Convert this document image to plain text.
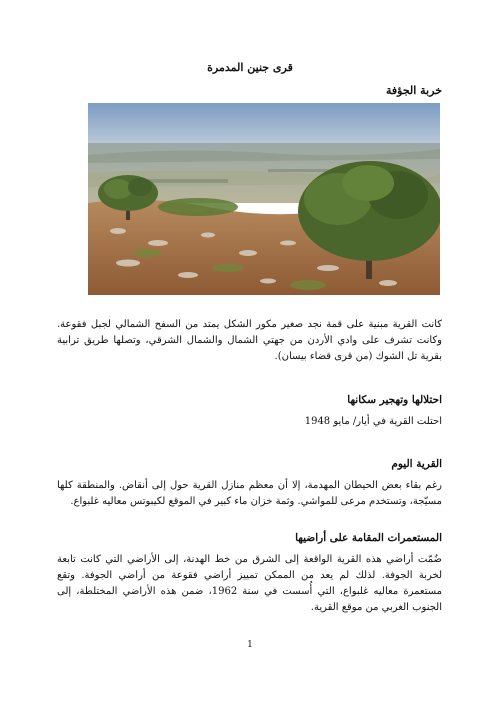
قرى جنين المدمرة
خربة الجؤفة
كانت القرية مبنية على قمة نجد صغير مكور الشكل يمتد من السفح الشمالي لجبل فقوعة. وكانت تشرف على وادي الأردن من جهتي الشمال والشمال الشرقي، وتصلها طريق ترابية بقرية تل الشوك (من قرى قضاء بيسان).
احتلالها وتهجير سكانها
احتلت القرية في أيار/ مايو 1948
القرية اليوم
رغم بقاء بعض الحيطان المهدمة، إلا أن معظم منازل القرية حول إلى أنقاض. والمنطقة كلها مسيّجة، وتستخدم مرعى للمواشي. وثمة خزان ماء كبير في الموقع لكيبوتس معاليه غلبواع.
المستعمرات المقامة على أراضيها
ضُمّت أراضي هذه القرية الواقعة إلى الشرق من خط الهدنة، إلى الأراضي التي كانت تابعة لخربة الجوفة. لذلك لم يعد من الممكن تمييز أراضي فقوعة من أراضي الجوفة. وتقع مستعمرة معاليه غلبواع، التي أُسست في سنة 1962، ضمن هذه الأراضي المختلطة، إلى الجنوب الغربي من موقع القرية.
1
